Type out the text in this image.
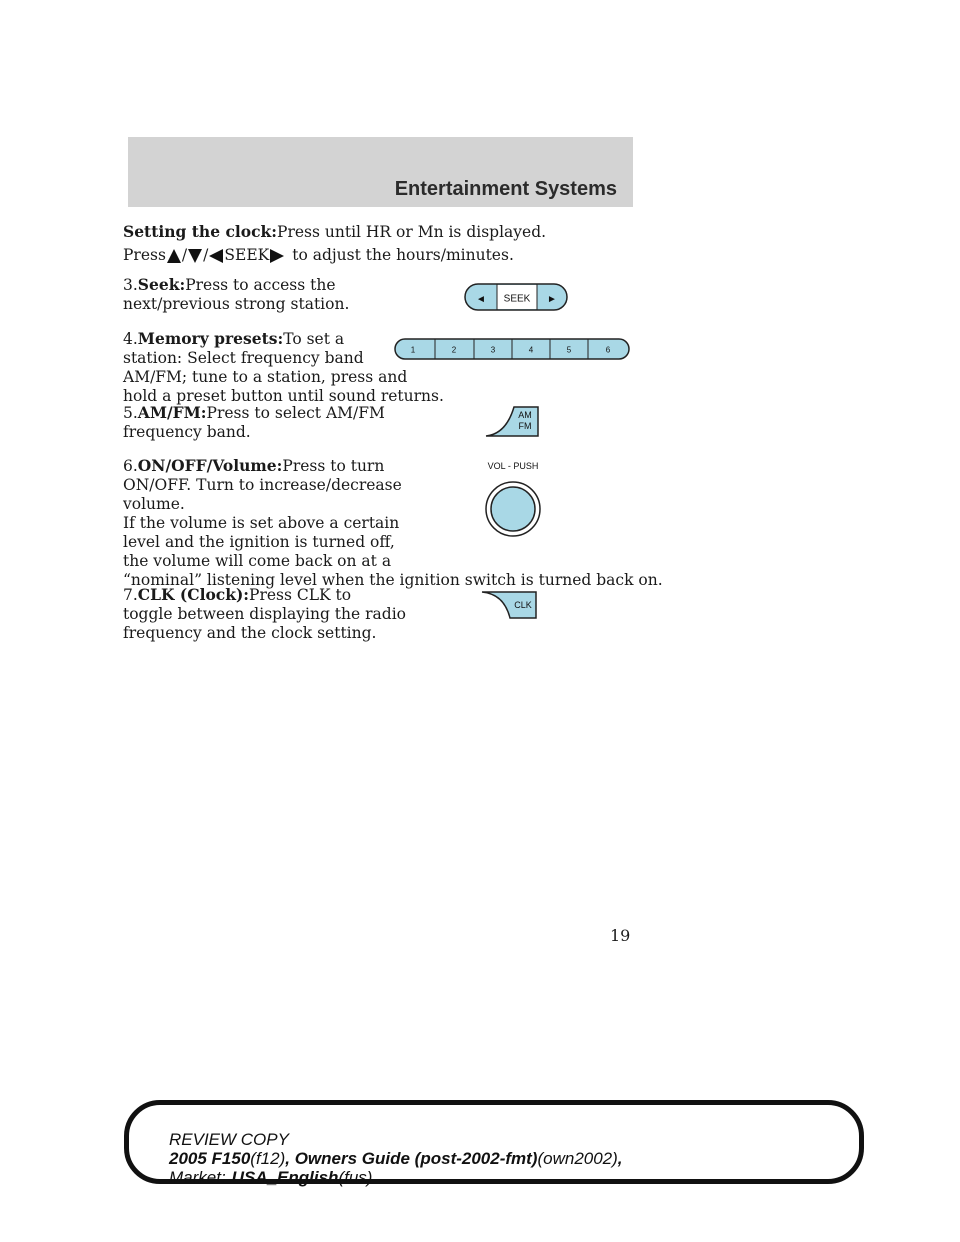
Entertainment Systems
Setting the clock:Press until HR or Mn is displayed.
Press / / SEEK to adjust the hours/minutes.
3.Seek:Press to access the
next/previous strong station.
4.Memory presets:To set a
station: Select frequency band
AM/FM; tune to a station, press and
hold a preset button until sound returns.
5.AM/FM:Press to select AM/FM
frequency band.
6.ON/OFF/Volume:Press to turn
ON/OFF. Turn to increase/decrease
volume.
If the volume is set above a certain
level and the ignition is turned off,
the volume will come back on at a
“nominal” listening level when the ignition switch is turned back on.
7.CLK (Clock):Press CLK to
toggle between displaying the radio
frequency and the clock setting.
◄ SEEK ►
1	2	3	4	5	6
AM
FM
VOL - PUSH
CLK
19
REVIEW COPY
2005 F150(f12), Owners Guide (post-2002-fmt)(own2002),
Market: USA_English(fus)
